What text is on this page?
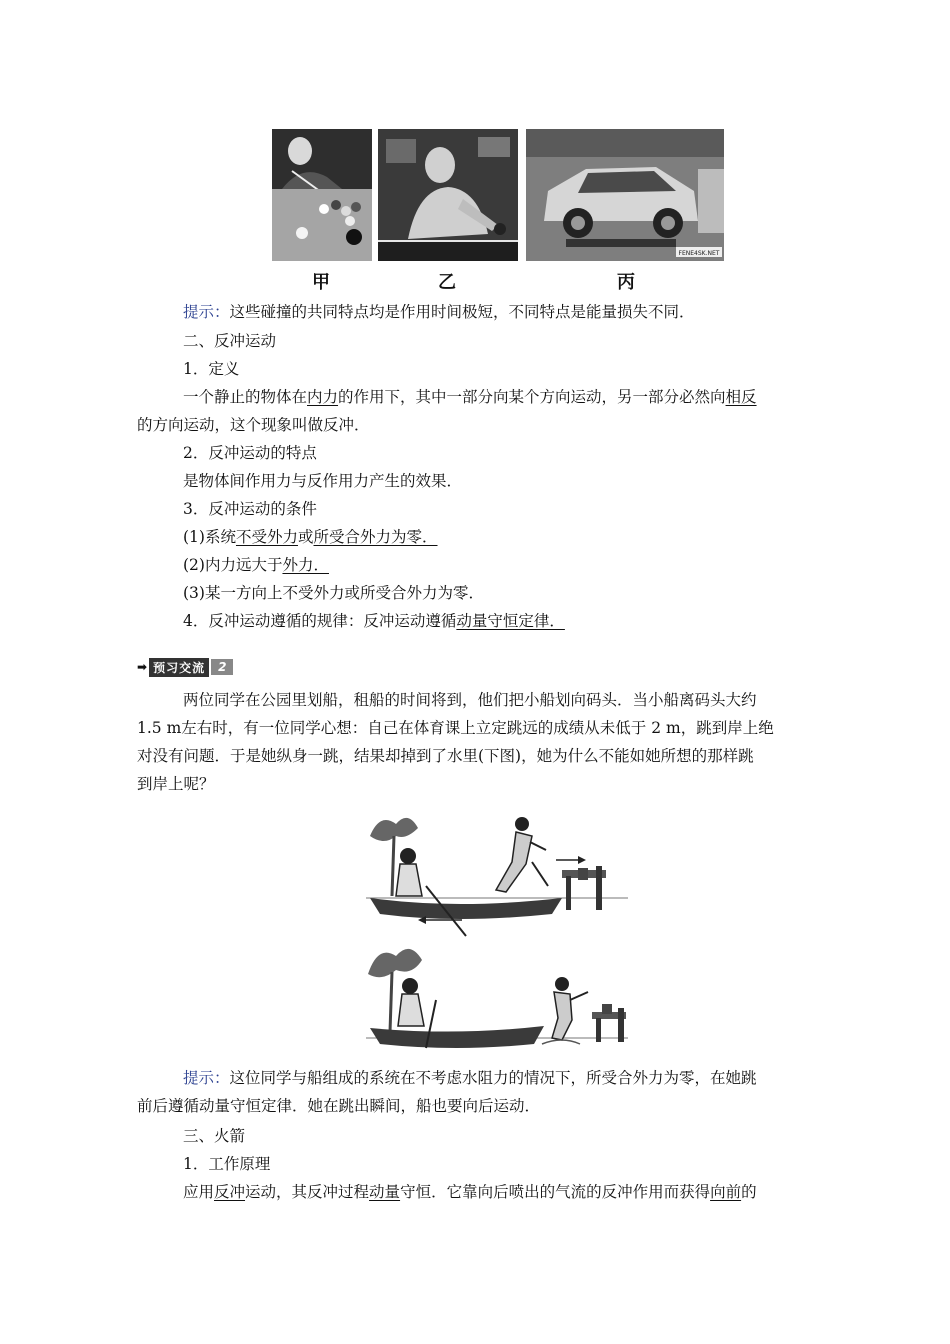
FENE4SK.NET
甲	乙	丙
提示：这些碰撞的共同特点均是作用时间极短，不同特点是能量损失不同．
二、反冲运动
1．定义
一个静止的物体在内力的作用下，其中一部分向某个方向运动，另一部分必然向相反
的方向运动，这个现象叫做反冲．
2．反冲运动的特点
是物体间作用力与反作用力产生的效果．
3．反冲运动的条件
(1)系统不受外力或所受合外力为零．
(2)内力远大于外力．
(3)某一方向上不受外力或所受合外力为零．
4．反冲运动遵循的规律：反冲运动遵循动量守恒定律．
➡ 预习交流	2
两位同学在公园里划船，租船的时间将到，他们把小船划向码头．当小船离码头大约
1.5 m左右时，有一位同学心想：自己在体育课上立定跳远的成绩从未低于 2 m，跳到岸上绝
对没有问题．于是她纵身一跳，结果却掉到了水里(下图)，她为什么不能如她所想的那样跳
到岸上呢？
提示：这位同学与船组成的系统在不考虑水阻力的情况下，所受合外力为零，在她跳
前后遵循动量守恒定律．她在跳出瞬间，船也要向后运动．
三、火箭
1．工作原理
应用反冲运动，其反冲过程动量守恒．它靠向后喷出的气流的反冲作用而获得向前的
